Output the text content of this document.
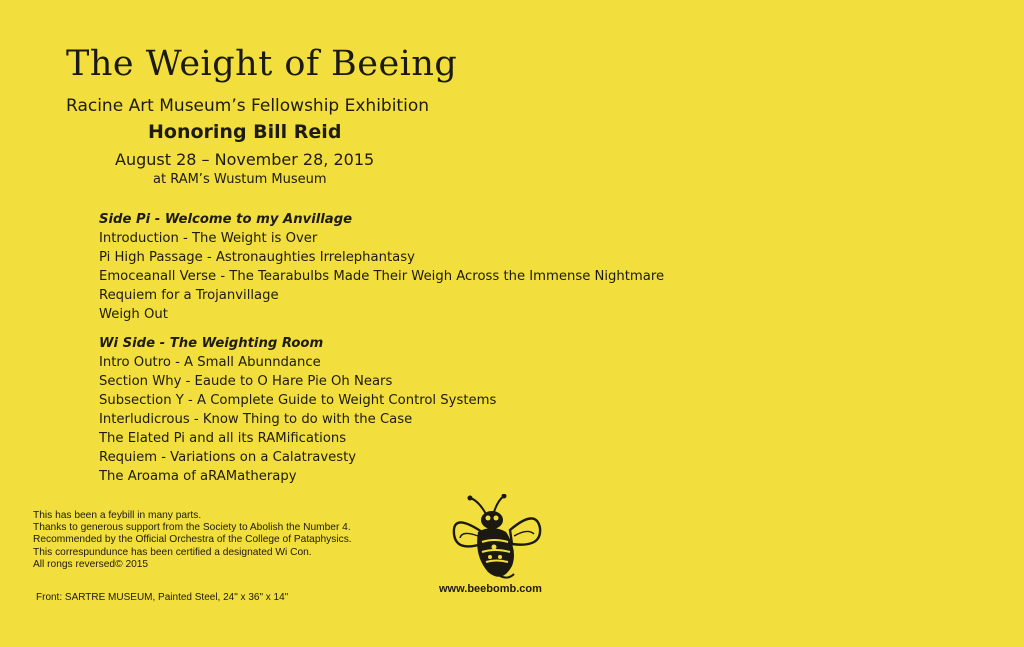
The Weight of Beeing
Racine Art Museum’s Fellowship Exhibition
Honoring Bill Reid
August 28 – November 28, 2015
at RAM’s Wustum Museum
Side Pi - Welcome to my Anvillage
Introduction - The Weight is Over
Pi High Passage - Astronaughties Irrelephantasy
Emoceanall Verse - The Tearabulbs Made Their Weigh Across the Immense Nightmare
Requiem for a Trojanvillage
Weigh Out
Wi Side - The Weighting Room
Intro Outro - A Small Abunndance
Section Why - Eaude to O Hare Pie Oh Nears
Subsection Y - A Complete Guide to Weight Control Systems
Interludicrous - Know Thing to do with the Case
The Elated Pi and all its RAMifications
Requiem - Variations on a Calatravesty
The Aroama of aRAMatherapy
This has been a feybill in many parts.
Thanks to generous support from the Society to Abolish the Number 4.
Recommended by the Official Orchestra of the College of Pataphysics.
This correspundunce has been certified a designated Wi Con.
All rongs reversed© 2015
Front: SARTRE MUSEUM, Painted Steel, 24" x 36" x 14"
www.beebomb.com
